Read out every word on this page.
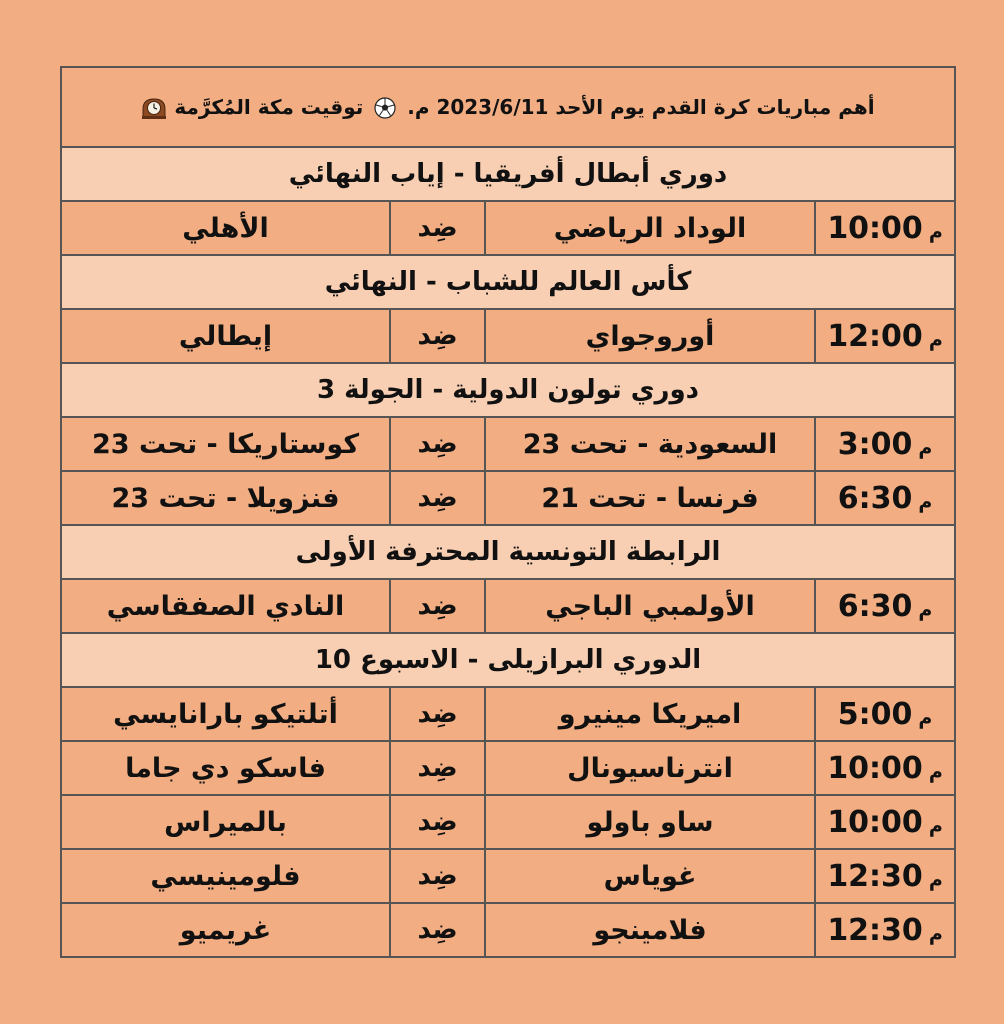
أهم مباريات كرة القدم يوم الأحد 2023/6/11 م.  توقيت مكة المُكرَّمة			
دوري أبطال أفريقيا - إياب النهائي			
م10:00	الوداد الرياضي	ضِد	الأهلي
كأس العالم للشباب - النهائي			
م12:00	أوروجواي	ضِد	إيطالي
دوري تولون الدولية - الجولة 3			
م3:00	السعودية - تحت 23	ضِد	كوستاريكا - تحت 23
م6:30	فرنسا - تحت 21	ضِد	فنزويلا - تحت 23
الرابطة التونسية المحترفة الأولى			
م6:30	الأولمبي الباجي	ضِد	النادي الصفقاسي
الدوري البرازيلى - الاسبوع 10			
م5:00	اميريكا مينيرو	ضِد	أتلتيكو بارانايسي
م10:00	انترناسيونال	ضِد	فاسكو دي جاما
م10:00	ساو باولو	ضِد	بالميراس
م12:30	غوياس	ضِد	فلومينيسي
م12:30	فلامينجو	ضِد	غريميو
